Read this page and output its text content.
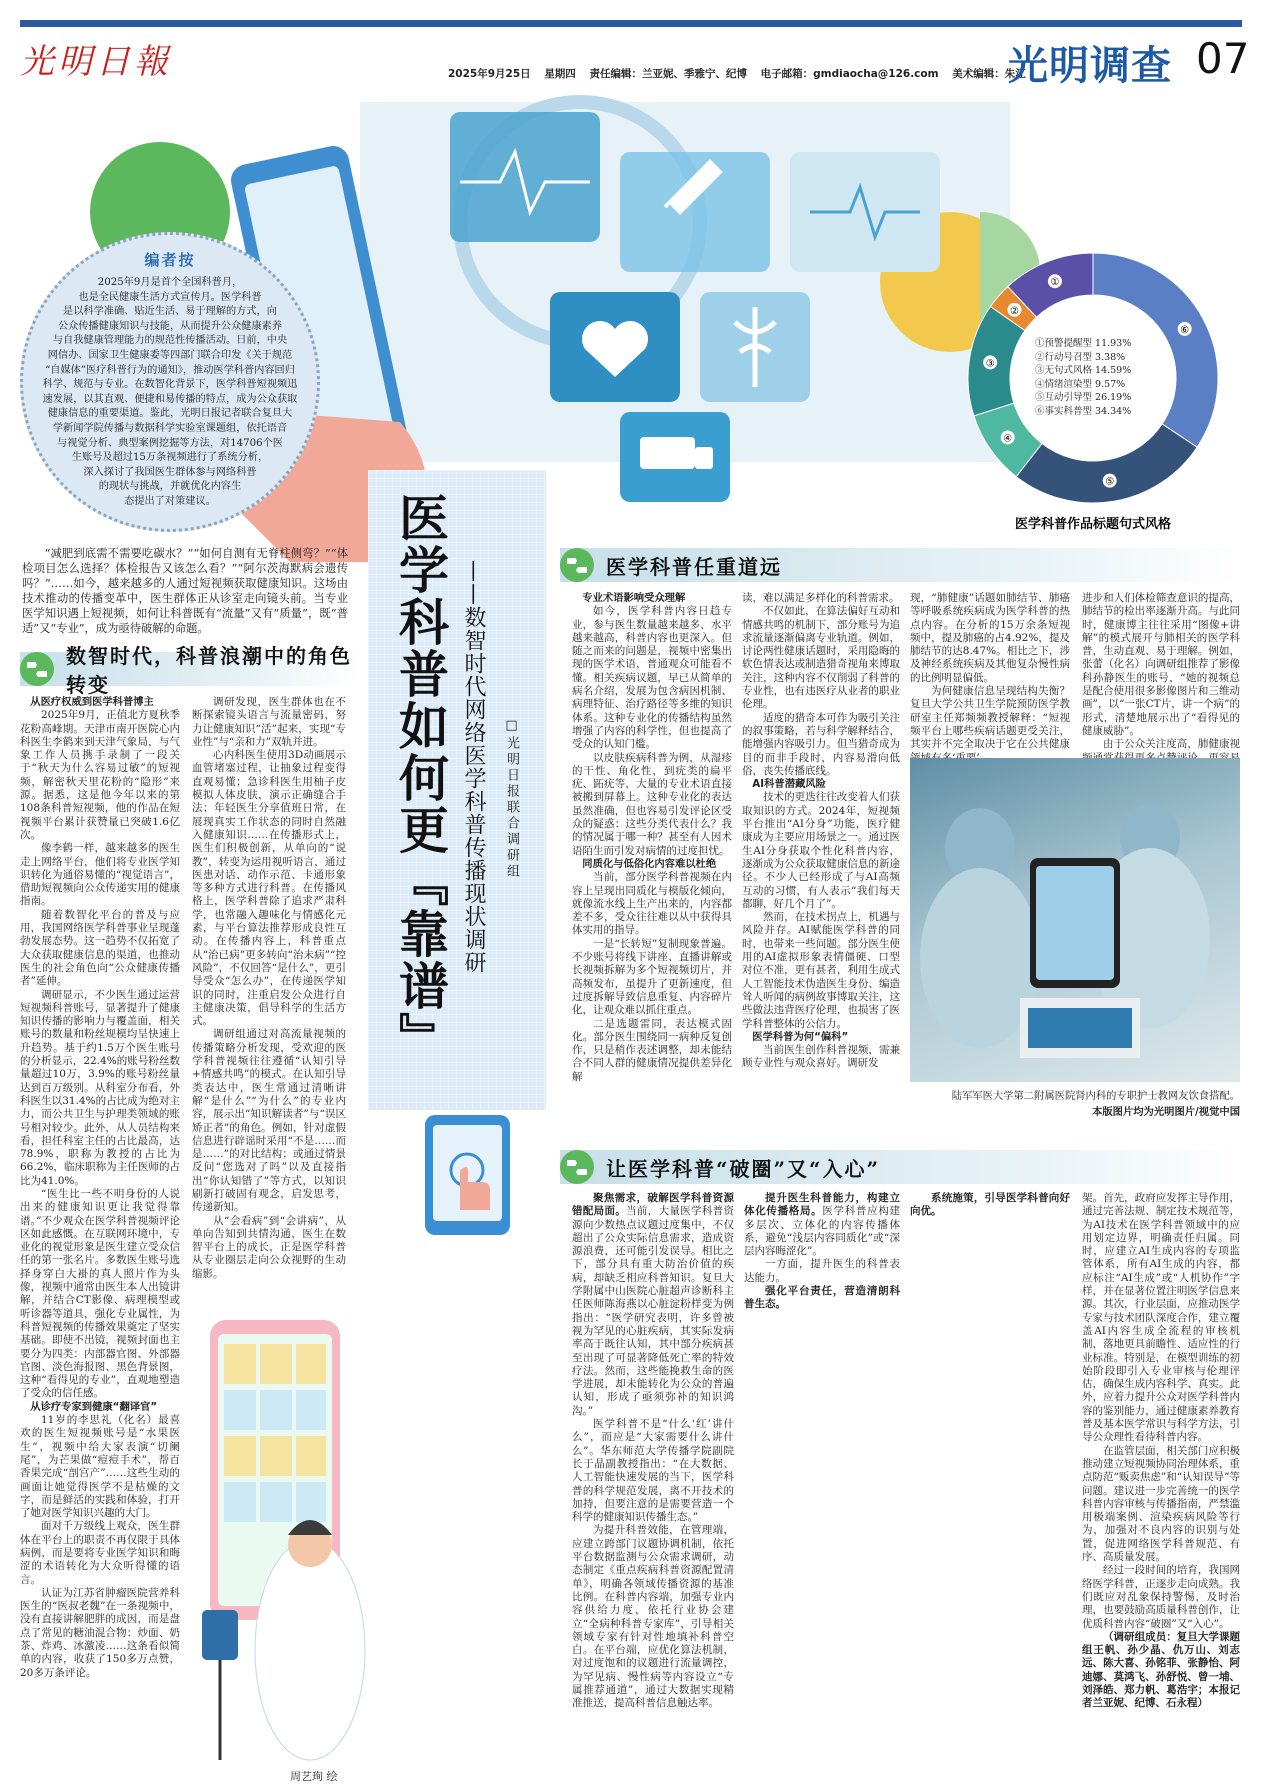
光明日報	2025年9月25日 星期四 责任编辑：兰亚妮、季雅宁、纪博 电子邮箱：gmdiaocha@126.com 美术编辑：朱江
光明调查 07
⑥
⑤
④
③
②
①
医学科普作品标题句式风格
①预警提醒型 11.93%
②行动号召型 3.38%
③无句式风格 14.59%
④情绪渲染型 9.57%
⑤互动引导型 26.19%
⑥事实科普型 34.34%
编者按
2025年9月是首个全国科普月，
也是全民健康生活方式宣传月。医学科普
是以科学准确、贴近生活、易于理解的方式，向
公众传播健康知识与技能，从而提升公众健康素养
与自我健康管理能力的规范性传播活动。日前，中央
网信办、国家卫生健康委等四部门联合印发《关于规范
“自媒体”医疗科普行为的通知》，推动医学科普内容回归
科学、规范与专业。在数智化背景下，医学科普短视频迅
速发展，以其直观、便捷和易传播的特点，成为公众获取
健康信息的重要渠道。鉴此，光明日报记者联合复旦大
学新闻学院传播与数据科学实验室课题组，依托语音
与视觉分析、典型案例挖掘等方法，对14706个医
生账号及超过15万条视频进行了系统分析，
深入探讨了我国医生群体参与网络科普
的现状与挑战，并就优化内容生
态提出了对策建议。
“减肥到底需不需要吃碳水？”“如何自测有无脊柱侧弯？”“体检项目怎么选择？体检报告又该怎么看？”“阿尔茨海默病会遗传吗？”……如今，越来越多的人通过短视频获取健康知识。这场由技术推动的传播变革中，医生群体正从诊室走向镜头前。当专业医学知识遇上短视频，如何让科普既有“流量”又有“质量”，既“普适”又“专业”，成为亟待破解的命题。
数智时代，科普浪潮中的角色转变
从医疗权威到医学科普博主

2025年9月，正值北方夏秋季花粉高峰期。天津市南开医院心内科医生李鹤来到天津气象局，与气象工作人员携手录制了一段关于“秋天为什么容易过敏”的短视频，解密秋天里花粉的“隐形”来源。据悉，这是他今年以来的第108条科普短视频，他的作品在短视频平台累计获赞量已突破1.6亿次。

像李鹤一样，越来越多的医生走上网络平台，他们将专业医学知识转化为通俗易懂的“视觉语言”，借助短视频向公众传递实用的健康指南。

随着数智化平台的普及与应用，我国网络医学科普事业呈现蓬勃发展态势。这一趋势不仅拓宽了大众获取健康信息的渠道，也推动医生的社会角色向“公众健康传播者”延伸。

调研显示，不少医生通过运营短视频科普账号，显著提升了健康知识传播的影响力与覆盖面，相关账号的数量和粉丝规模均呈快速上升趋势。基于约1.5万个医生账号的分析显示，22.4%的账号粉丝数量超过10万，3.9%的账号粉丝量达到百万级别。从科室分布看，外科医生以31.4%的占比成为绝对主力，而公共卫生与护理类领域的账号相对较少。此外，从人员结构来看，担任科室主任的占比最高，达78.9%，职称为教授的占比为66.2%，临床职称为主任医师的占比为41.0%。

“医生比一些不明身份的人说出来的健康知识更让我觉得靠谱。”不少观众在医学科普视频评论区如此感慨。在互联网环境中，专业化的视觉形象是医生建立受众信任的第一张名片。多数医生账号选择身穿白大褂的真人照片作为头像，视频中通常由医生本人出镜讲解，并结合CT影像、病理模型或听诊器等道具，强化专业属性，为科普短视频的传播效果奠定了坚实基础。即使不出镜，视频封面也主要分为四类：内部器官图、外部器官图、淡色海报图、黑色背景图，这种“看得见的专业”，直观地塑造了受众的信任感。

从诊疗专家到健康“翻译官”

11岁的李思礼（化名）最喜欢的医生短视频账号是“水果医生”，视频中给大家表演“切阑尾”，为芒果做“痘痘手术”，帮百香果完成“剖宫产”……这些生动的画面让她觉得医学不是枯燥的文字，而是鲜活的实践和体验，打开了她对医学知识兴趣的大门。

面对千万级线上观众，医生群体在平台上的职责不再仅限于具体病例，而是要将专业医学知识和晦涩的术语转化为大众听得懂的语言。

认证为江苏省肿瘤医院营养科医生的“医叔老魏”在一条视频中，没有直接讲解肥胖的成因，而是盘点了常见的糖油混合物：炒面、奶茶、炸鸡、冰激凌……这条看似简单的内容，收获了150多万点赞，20多万条评论。

调研发现，医生群体也在不断探索镜头语言与流量密码，努力让健康知识“活”起来，实现“专业性”与“亲和力”双轨并进。

心内科医生使用3D动画展示血管堵塞过程，让抽象过程变得直观易懂；急诊科医生用柚子皮模拟人体皮肤，演示正确缝合手法；年轻医生分享值班日常，在展现真实工作状态的同时自然融入健康知识……在传播形式上，医生们积极创新，从单向的“说教”，转变为运用视听语言，通过医患对话、动作示范、卡通形象等多种方式进行科普。在传播风格上，医学科普除了追求严肃科学，也常融入趣味化与情感化元素，与平台算法推荐形成良性互动。在传播内容上，科普重点从“治已病”更多转向“治未病”“控风险”，不仅回答“是什么”，更引导受众“怎么办”，在传递医学知识的同时，注重启发公众进行自主健康决策，倡导科学的生活方式。

调研组通过对高流量视频的传播策略分析发现，受欢迎的医学科普视频往往遵循“认知引导+情感共鸣”的模式。在认知引导类表达中，医生常通过清晰讲解“是什么”“为什么”的专业内容，展示出“知识解读者”与“误区矫正者”的角色。例如，针对虚假信息进行辟谣时采用“不是……而是……”的对比结构；或通过情景反问“您选对了吗”以及直接指出“你认知错了”等方式，以知识刷新打破固有观念，启发思考，传递新知。

从“会看病”到“会讲病”，从单向告知到共情沟通，医生在数智平台上的成长，正是医学科普从专业圈层走向公众视野的生动缩影。

周艺珣 绘
医学科普如何更『靠谱』 ——数智时代网络医学科普传播现状调研 □光明日报联合调研组
医学科普任重道远
专业术语影响受众理解

如今，医学科普内容日趋专业，参与医生数量越来越多、水平越来越高，科普内容也更深入。但随之而来的问题是，视频中密集出现的医学术语，普通观众可能看不懂。相关疾病议题，早已从简单的病名介绍，发展为包含病因机制、病理特征、治疗路径等多维的知识体系。这种专业化的传播结构虽然增强了内容的科学性，但也提高了受众的认知门槛。

以皮肤疾病科普为例，从湿疹的干性、角化性，到疣类的扁平疣、跖疣等，大量的专业术语直接被搬到屏幕上。这种专业化的表达虽然准确，但也容易引发评论区受众的疑惑：这些分类代表什么？我的情况属于哪一种？甚至有人因术语陌生而引发对病情的过度担忧。

同质化与低俗化内容难以杜绝

当前，部分医学科普视频在内容上呈现出同质化与模版化倾向，就像流水线上生产出来的，内容都差不多，受众往往难以从中获得具体实用的指导。

一是“长转短”复制现象普遍。不少账号将线下讲座、直播讲解或长视频拆解为多个短视频切片，并高频发布，虽提升了更新速度，但过度拆解导致信息重复、内容碎片化，让观众难以抓住重点。

二是选题雷同，表达模式固化。部分医生围绕同一病种反复创作，只是稍作表述调整，却未能结合不同人群的健康情况提供差异化解

读，难以满足多样化的科普需求。

不仅如此，在算法偏好互动和情感共鸣的机制下，部分账号为追求流量逐渐偏离专业轨道。例如，讨论两性健康话题时，采用隐晦的软色情表达或制造猎奇视角来博取关注，这种内容不仅削弱了科普的专业性，也有违医疗从业者的职业伦理。

适度的猎奇本可作为吸引关注的叙事策略，若与科学解释结合，能增强内容吸引力。但当猎奇成为目的而非手段时，内容易滑向低俗，丧失传播底线。

AI科普潜藏风险

技术的更迭往往改变着人们获取知识的方式。2024年，短视频平台推出“AI分身”功能，医疗健康成为主要应用场景之一。通过医生AI分身获取个性化科普内容，逐渐成为公众获取健康信息的新途径。不少人已经形成了与AI高频互动的习惯，有人表示“我们每天都聊，好几个月了”。

然而，在技术拐点上，机遇与风险并存。AI赋能医学科普的同时，也带来一些问题。部分医生使用的AI虚拟形象表情僵硬、口型对位不准，更有甚者，利用生成式人工智能技术伪造医生身份、编造耸人听闻的病例故事博取关注，这些做法违背医疗伦理，也损害了医学科普整体的公信力。

医学科普为何“偏科”

当前医生创作科普视频，需兼顾专业性与观众喜好。调研发

现，“肺健康”话题如肺结节、肺癌等呼吸系统疾病成为医学科普的热点内容。在分析的15万余条短视频中，提及肺癌的占4.92%，提及肺结节的达8.47%。相比之下，涉及神经系统疾病及其他复杂慢性病的比例明显偏低。

为何健康信息呈现结构失衡？复旦大学公共卫生学院预防医学教研室主任郑频频教授解释：“短视频平台上哪些疾病话题更受关注，其实并不完全取决于它在公共健康

进步和人们体检筛查意识的提高，肺结节的检出率逐渐升高。与此同时，健康博主往往采用“图像+讲解”的模式展开与肺相关的医学科普，生动直观、易于理解。例如，张蕾（化名）向调研组推荐了影像科孙静医生的账号，“她的视频总是配合使用很多影像图片和三维动画”，以“一张CT片，讲一个病”的形式，清楚地展示出了“看得见的健康威胁”。

由于公众关注度高，肺健康视

陆军军医大学第二附属医院肾内科的专职护士教网友饮食搭配。
本版图片均为光明图片/视觉中国
让医学科普“破圈”又“入心”

聚焦需求，破解医学科普资源错配局面。当前，大量医学科普资源向少数热点议题过度集中，不仅超出了公众实际信息需求，造成资源浪费，还可能引发误导。相比之下，部分具有重大防治价值的疾病，却缺乏相应科普知识。复旦大学附属中山医院心脏超声诊断科主任医师陈海燕以心脏淀粉样变为例指出：“医学研究表明，许多曾被视为罕见的心脏疾病，其实际发病率高于既往认知，其中部分疾病甚至出现了可显著降低死亡率的特效疗法。然而，这些能挽救生命的医学进展，却未能转化为公众的普遍认知，形成了亟须弥补的知识鸿沟。”

医学科普不是“什么‘红’讲什么”，而应是“大家需要什么讲什么”。华东师范大学传播学院副院长于晶副教授指出：“在大数据、人工智能快速发展的当下，医学科普的科学规范发展，离不开技术的加持，但要注意的是需要营造一个科学的健康知识传播生态。”

为提升科普效能，在管理端，应建立跨部门议题协调机制，依托平台数据监测与公众需求调研，动态制定《重点疾病科普资源配置清单》，明确各领域传播资源的基准比例。在科普内容端，加强专业内容供给力度，依托行业协会建立“全病种科普专家库”，引导相关领域专家有针对性地填补科普空白。在平台端，应优化算法机制，对过度饱和的议题进行流量调控，为罕见病、慢性病等内容设立“专属推荐通道”，通过大数据实现精准推送，提高科普信息触达率。

提升医生科普能力，构建立体化传播格局。医学科普应构建多层次、立体化的内容传播体系，避免“浅层内容同质化”或“深层内容晦涩化”。

一方面，提升医生的科普表达能力。

强化平台责任，营造清朗科普生态。

系统施策，引导医学科普向好向优。

架。首先，政府应发挥主导作用，通过完善法规、制定技术规范等，为AI技术在医学科普领域中的应用划定边界，明确责任归属。同时，应建立AI生成内容的专项监管体系，所有AI生成的内容，都应标注“AI生成”或“人机协作”字样，并在显著位置注明医学信息来源。其次，行业层面，应推动医学专家与技术团队深度合作，建立覆盖AI内容生成全流程的审核机制，落地更具前瞻性、适应性的行业标准。特别是，在模型训练的初始阶段即引入专业审核与伦理评估，确保生成内容科学、真实。此外，应着力提升公众对医学科普内容的鉴别能力，通过健康素养教育普及基本医学常识与科学方法，引导公众理性看待科普内容。

在监管层面，相关部门应积极推动建立短视频协同治理体系，重点防范“贩卖焦虑”和“认知误导”等问题。建议进一步完善统一的医学科普内容审核与传播指南，严禁滥用极端案例、渲染疾病风险等行为，加强对不良内容的识别与处置，促进网络医学科普规范、有序、高质量发展。

经过一段时间的培育，我国网络医学科普，正逐步走向成熟。我们既应对乱象保持警惕，及时治理，也要鼓励高质量科普创作，让优质科普内容“破圈”又“入心”。

（调研组成员：复旦大学课题组王帆、孙少晶、仇万山、刘志远、陈大喜、孙铭菲、张静怡、阿迪娜、莫鸿飞、孙舒悦、曾一埔、刘泽皓、郑力帆、葛浩宇；本报记者兰亚妮、纪博、石永程）
